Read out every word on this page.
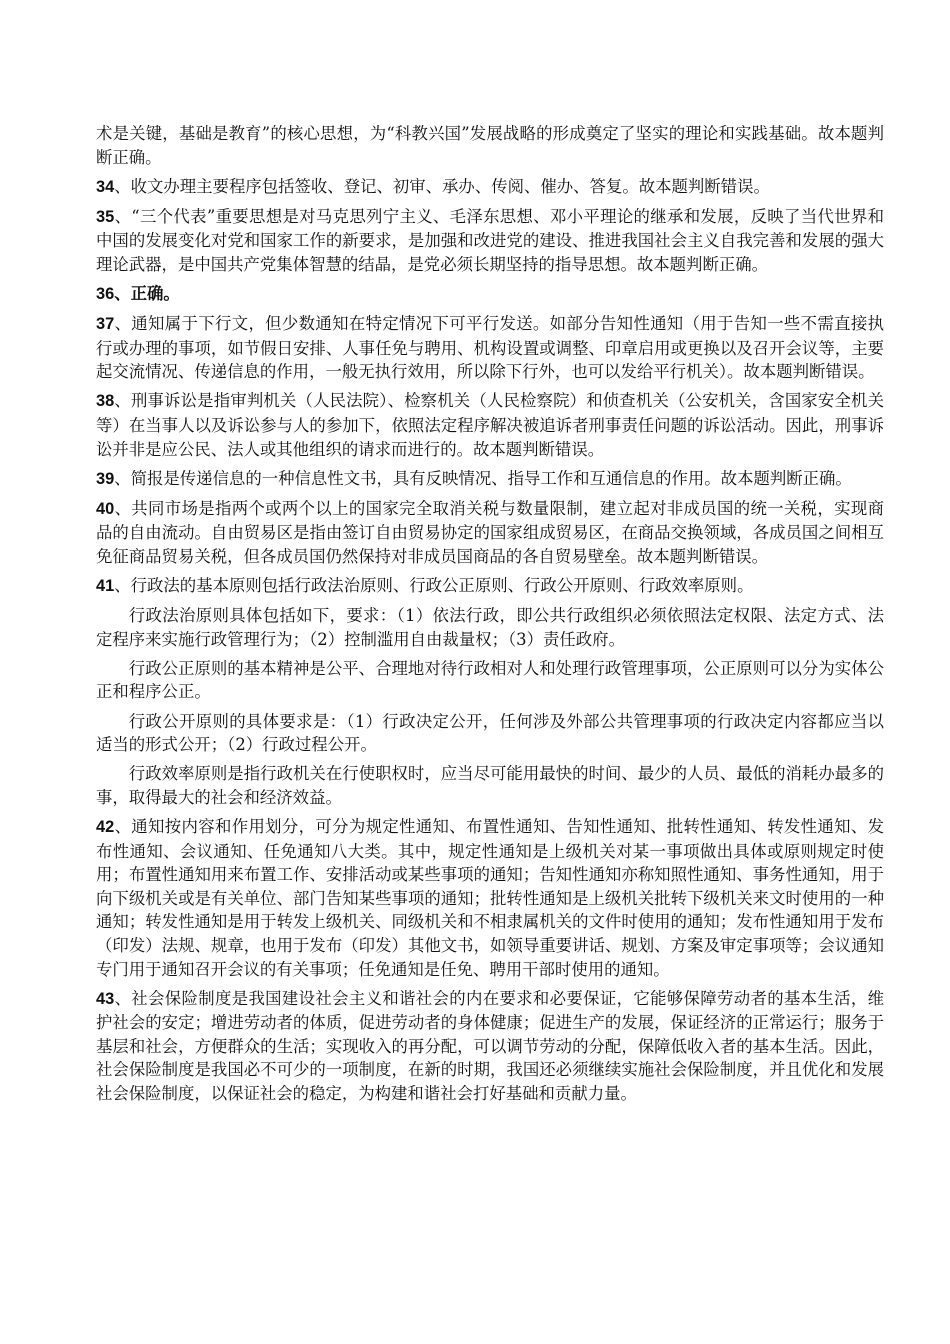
术是关键，基础是教育”的核心思想，为“科教兴国”发展战略的形成奠定了坚实的理论和实践基础。故本题判断正确。

34、收文办理主要程序包括签收、登记、初审、承办、传阅、催办、答复。故本题判断错误。

35、“三个代表”重要思想是对马克思列宁主义、毛泽东思想、邓小平理论的继承和发展，反映了当代世界和中国的发展变化对党和国家工作的新要求，是加强和改进党的建设、推进我国社会主义自我完善和发展的强大理论武器，是中国共产党集体智慧的结晶，是党必须长期坚持的指导思想。故本题判断正确。

36、正确。

37、通知属于下行文，但少数通知在特定情况下可平行发送。如部分告知性通知（用于告知一些不需直接执行或办理的事项，如节假日安排、人事任免与聘用、机构设置或调整、印章启用或更换以及召开会议等，主要起交流情况、传递信息的作用，一般无执行效用，所以除下行外，也可以发给平行机关）。故本题判断错误。

38、刑事诉讼是指审判机关（人民法院）、检察机关（人民检察院）和侦查机关（公安机关，含国家安全机关等）在当事人以及诉讼参与人的参加下，依照法定程序解决被追诉者刑事责任问题的诉讼活动。因此，刑事诉讼并非是应公民、法人或其他组织的请求而进行的。故本题判断错误。

39、简报是传递信息的一种信息性文书，具有反映情况、指导工作和互通信息的作用。故本题判断正确。

40、共同市场是指两个或两个以上的国家完全取消关税与数量限制，建立起对非成员国的统一关税，实现商品的自由流动。自由贸易区是指由签订自由贸易协定的国家组成贸易区，在商品交换领域，各成员国之间相互免征商品贸易关税，但各成员国仍然保持对非成员国商品的各自贸易壁垒。故本题判断错误。

41、行政法的基本原则包括行政法治原则、行政公正原则、行政公开原则、行政效率原则。

行政法治原则具体包括如下，要求：（1）依法行政，即公共行政组织必须依照法定权限、法定方式、法定程序来实施行政管理行为；（2）控制滥用自由裁量权；（3）责任政府。

行政公正原则的基本精神是公平、合理地对待行政相对人和处理行政管理事项，公正原则可以分为实体公正和程序公正。

行政公开原则的具体要求是：（1）行政决定公开，任何涉及外部公共管理事项的行政决定内容都应当以适当的形式公开；（2）行政过程公开。

行政效率原则是指行政机关在行使职权时，应当尽可能用最快的时间、最少的人员、最低的消耗办最多的事，取得最大的社会和经济效益。

42、通知按内容和作用划分，可分为规定性通知、布置性通知、告知性通知、批转性通知、转发性通知、发布性通知、会议通知、任免通知八大类。其中，规定性通知是上级机关对某一事项做出具体或原则规定时使用；布置性通知用来布置工作、安排活动或某些事项的通知；告知性通知亦称知照性通知、事务性通知，用于向下级机关或是有关单位、部门告知某些事项的通知；批转性通知是上级机关批转下级机关来文时使用的一种通知；转发性通知是用于转发上级机关、同级机关和不相隶属机关的文件时使用的通知；发布性通知用于发布（印发）法规、规章，也用于发布（印发）其他文书，如领导重要讲话、规划、方案及审定事项等；会议通知专门用于通知召开会议的有关事项；任免通知是任免、聘用干部时使用的通知。

43、社会保险制度是我国建设社会主义和谐社会的内在要求和必要保证，它能够保障劳动者的基本生活，维护社会的安定；增进劳动者的体质，促进劳动者的身体健康；促进生产的发展，保证经济的正常运行；服务于基层和社会，方便群众的生活；实现收入的再分配，可以调节劳动的分配，保障低收入者的基本生活。因此，社会保险制度是我国必不可少的一项制度，在新的时期，我国还必须继续实施社会保险制度，并且优化和发展社会保险制度，以保证社会的稳定，为构建和谐社会打好基础和贡献力量。
